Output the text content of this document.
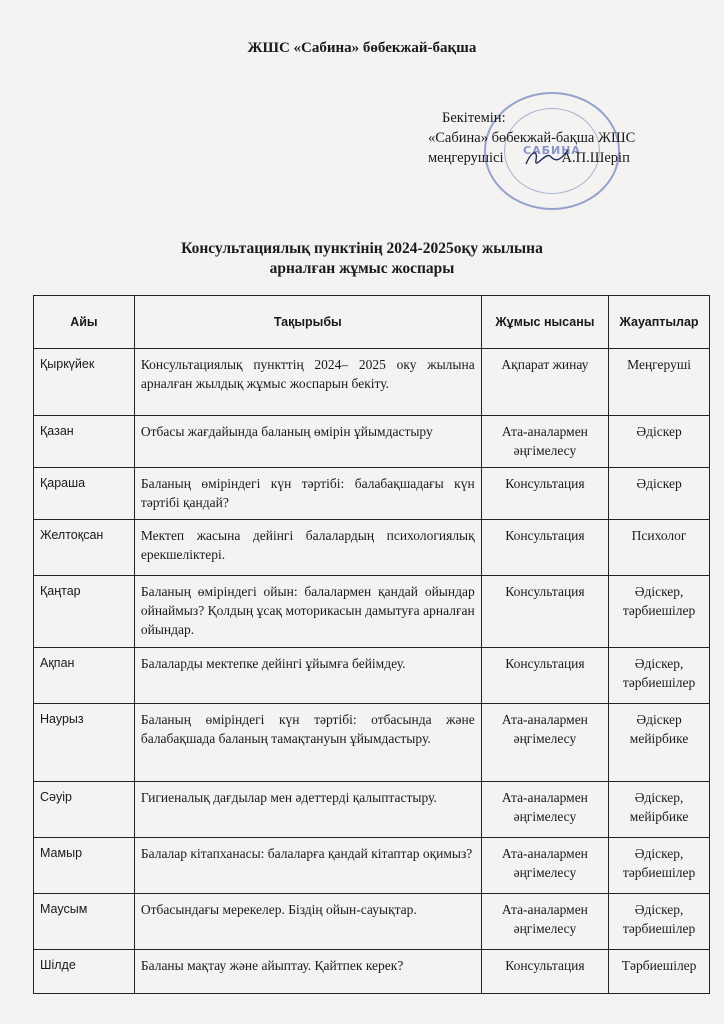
ЖШС «Сабина» бөбекжай-бақша
САБИНА
Бекітемін:
«Сабина» бөбекжай-бақша ЖШС
меңгерушісі	А.П.Шеріп
Консультациялық пунктінің 2024-2025оқу жылына
арналған жұмыс жоспары
Айы	Тақырыбы	Жұмыс нысаны	Жауаптылар
Қыркүйек	Консультациялық пункттің 2024– 2025 оку жылына арналған жылдық жұмыс жоспарын бекіту.	Ақпарат жинау	Меңгеруші
Қазан	Отбасы жағдайында баланың өмірін ұйымдастыру	Ата-аналармен әңгімелесу	Әдіскер
Қараша	Баланың өміріндегі күн тәртібі: балабақшадағы күн тәртібі қандай?	Консультация	Әдіскер
Желтоқсан	Мектеп жасына дейінгі балалардың психологиялық ерекшеліктері.	Консультация	Психолог
Қаңтар	Баланың өміріндегі ойын: балалармен қандай ойындар ойнаймыз? Қолдың ұсақ моторикасын дамытуға арналған ойындар.	Консультация	Әдіскер, тәрбиешілер
Ақпан	Балаларды мектепке дейінгі ұйымға бейімдеу.	Консультация	Әдіскер, тәрбиешілер
Наурыз	Баланың өміріндегі күн тәртібі: отбасында және балабақшада баланың тамақтануын ұйымдастыру.	Ата-аналармен әңгімелесу	Әдіскер мейірбике
Сәуір	Гигиеналық дағдылар мен әдеттерді қалыптастыру.	Ата-аналармен әңгімелесу	Әдіскер, мейірбике
Мамыр	Балалар кітапханасы: балаларға қандай кітаптар оқимыз?	Ата-аналармен әңгімелесу	Әдіскер, тәрбиешілер
Маусым	Отбасындағы мерекелер. Біздің ойын-сауықтар.	Ата-аналармен әңгімелесу	Әдіскер, тәрбиешілер
Шілде	Баланы мақтау және айыптау. Қайтпек керек?	Консультация	Тәрбиешілер
